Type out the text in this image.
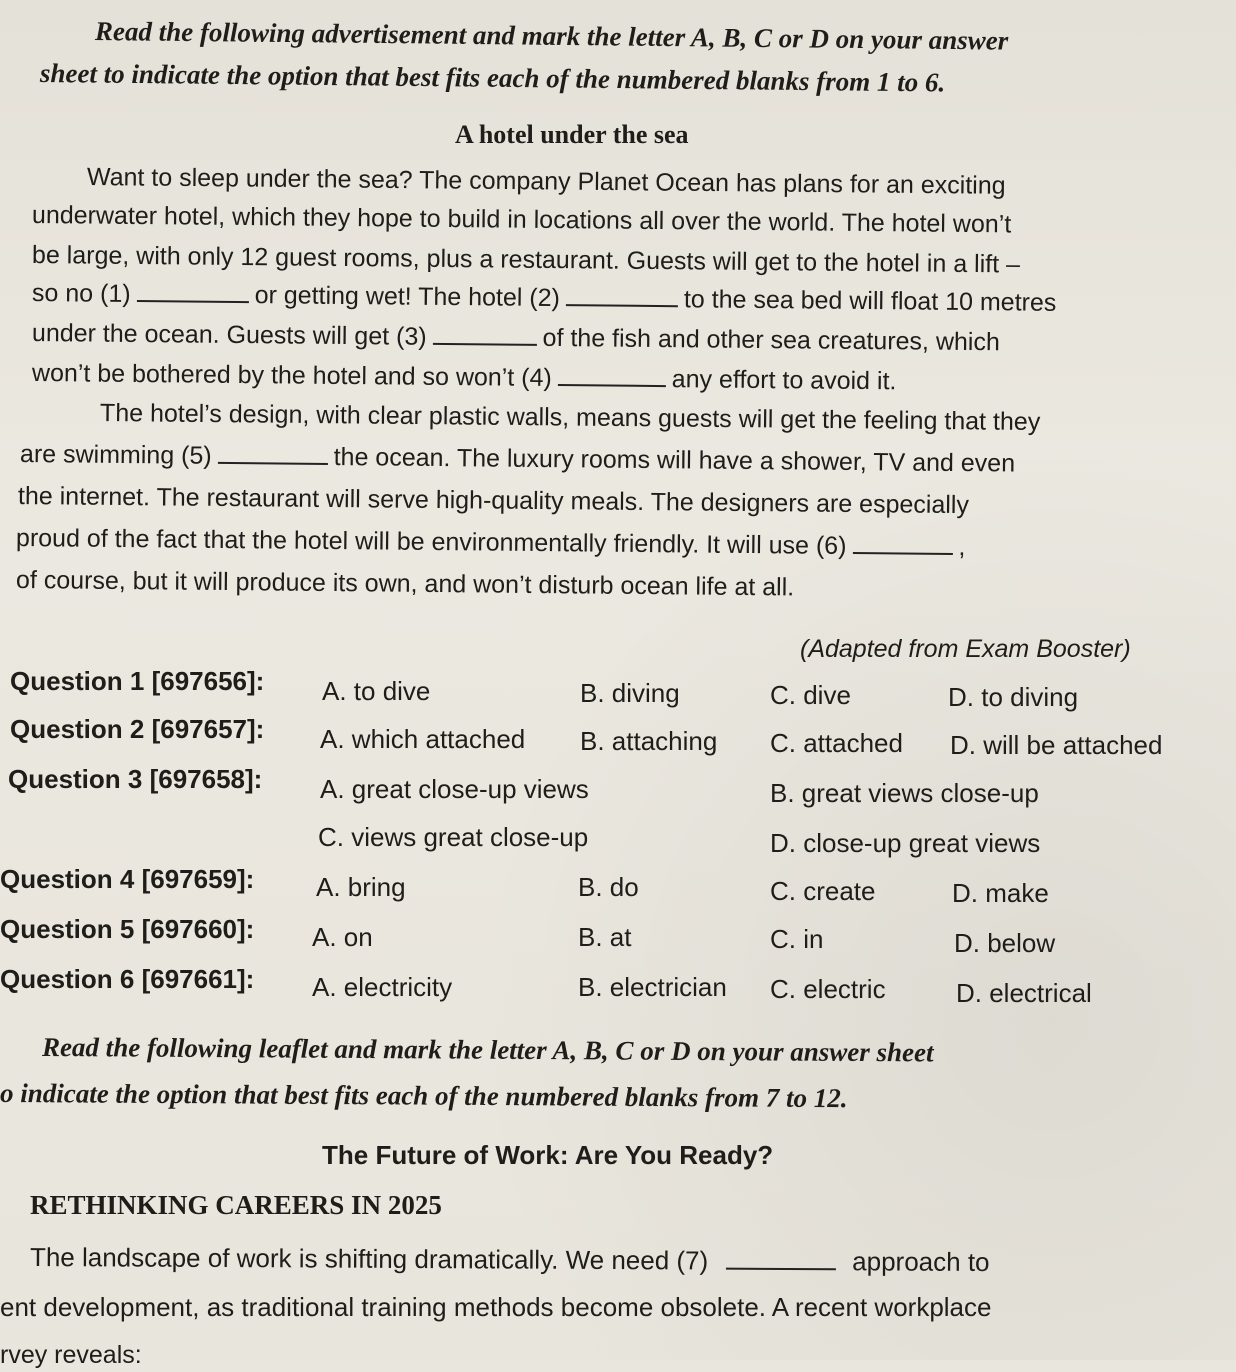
Read the following advertisement and mark the letter A, B, C or D on your answer
sheet to indicate the option that best fits each of the numbered blanks from 1 to 6.
A hotel under the sea
Want to sleep under the sea? The company Planet Ocean has plans for an exciting
underwater hotel, which they hope to build in locations all over the world. The hotel won’t
be large, with only 12 guest rooms, plus a restaurant. Guests will get to the hotel in a lift –
so no (1)	or getting wet! The hotel (2)	to the sea bed will float 10 metres
under the ocean. Guests will get (3)	of the fish and other sea creatures, which
won’t be bothered by the hotel and so won’t (4)	any effort to avoid it.
The hotel’s design, with clear plastic walls, means guests will get the feeling that they
are swimming (5)	the ocean. The luxury rooms will have a shower, TV and even
the internet. The restaurant will serve high-quality meals. The designers are especially
proud of the fact that the hotel will be environmentally friendly. It will use (6)	,
of course, but it will produce its own, and won’t disturb ocean life at all.
(Adapted from Exam Booster)
Question 1 [697656]: A. to dive	B. diving	C. dive	D. to diving
Question 2 [697657]: A. which attached B. attaching C. attached D. will be attached
Question 3 [697658]: A. great close-up views	B. great views close-up
C. views great close-up	D. close-up great views
Question 4 [697659]: A. bring	B. do	C. create	D. make
Question 5 [697660]: A. on	B. at	C. in	D. below
Question 6 [697661]: A. electricity	B. electrician C. electric	D. electrical
Read the following leaflet and mark the letter A, B, C or D on your answer sheet
o indicate the option that best fits each of the numbered blanks from 7 to 12.
The Future of Work: Are You Ready?
RETHINKING CAREERS IN 2025
The landscape of work is shifting dramatically. We need (7)	approach to
ent development, as traditional training methods become obsolete. A recent workplace
rvey reveals:
